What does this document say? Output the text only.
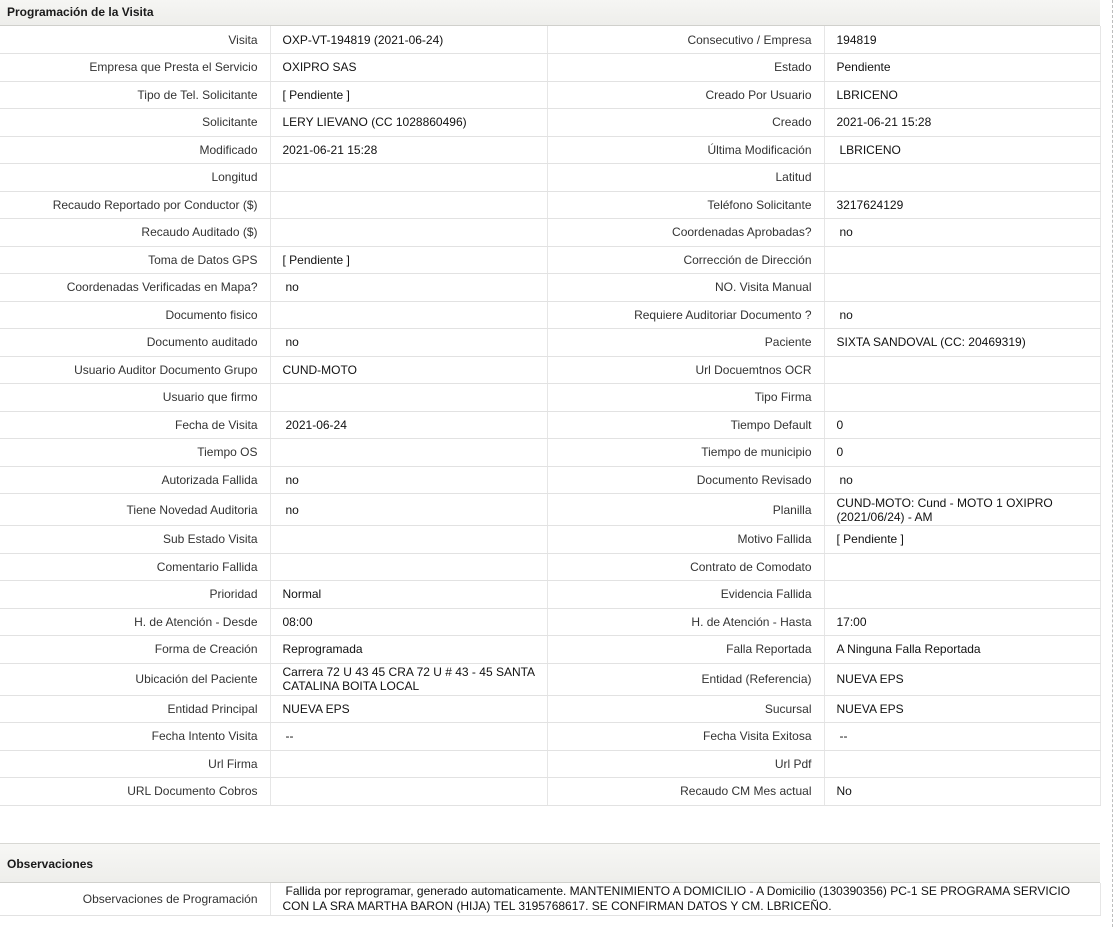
Programación de la Visita
Visita	OXP-VT-194819 (2021-06-24)	Consecutivo / Empresa	194819
Empresa que Presta el Servicio	OXIPRO SAS	Estado	Pendiente
Tipo de Tel. Solicitante	[ Pendiente ]	Creado Por Usuario	LBRICENO
Solicitante	LERY LIEVANO (CC 1028860496)	Creado	2021-06-21 15:28
Modificado	2021-06-21 15:28	Última Modificación	LBRICENO
Longitud		Latitud	
Recaudo Reportado por Conductor ($)		Teléfono Solicitante	3217624129
Recaudo Auditado ($)		Coordenadas Aprobadas?	no
Toma de Datos GPS	[ Pendiente ]	Corrección de Dirección	
Coordenadas Verificadas en Mapa?	no	NO. Visita Manual	
Documento fisico		Requiere Auditoriar Documento ?	no
Documento auditado	no	Paciente	SIXTA SANDOVAL (CC: 20469319)
Usuario Auditor Documento Grupo	CUND-MOTO	Url Docuemtnos OCR	
Usuario que firmo		Tipo Firma	
Fecha de Visita	2021-06-24	Tiempo Default	0
Tiempo OS		Tiempo de municipio	0
Autorizada Fallida	no	Documento Revisado	no
Tiene Novedad Auditoria	no	Planilla	CUND-MOTO: Cund - MOTO 1 OXIPRO (2021/06/24) - AM

Sub Estado Visita		Motivo Fallida	[ Pendiente ]
Comentario Fallida		Contrato de Comodato	
Prioridad	Normal	Evidencia Fallida	
H. de Atención - Desde	08:00	H. de Atención - Hasta	17:00
Forma de Creación	Reprogramada	Falla Reportada	A Ninguna Falla Reportada
Ubicación del Paciente	Carrera 72 U 43 45 CRA 72 U # 43 - 45 SANTA CATALINA BOITA LOCAL	Entidad (Referencia)	NUEVA EPS
Entidad Principal	NUEVA EPS	Sucursal	NUEVA EPS
Fecha Intento Visita	--	Fecha Visita Exitosa	--
Url Firma		Url Pdf	
URL Documento Cobros		Recaudo CM Mes actual	No
Observaciones
Observaciones de Programación	Fallida por reprogramar, generado automaticamente. MANTENIMIENTO A DOMICILIO - A Domicilio (130390356) PC-1 SE PROGRAMA SERVICIO CON LA SRA MARTHA BARON (HIJA) TEL 3195768617. SE CONFIRMAN DATOS Y CM. LBRICEÑO.
